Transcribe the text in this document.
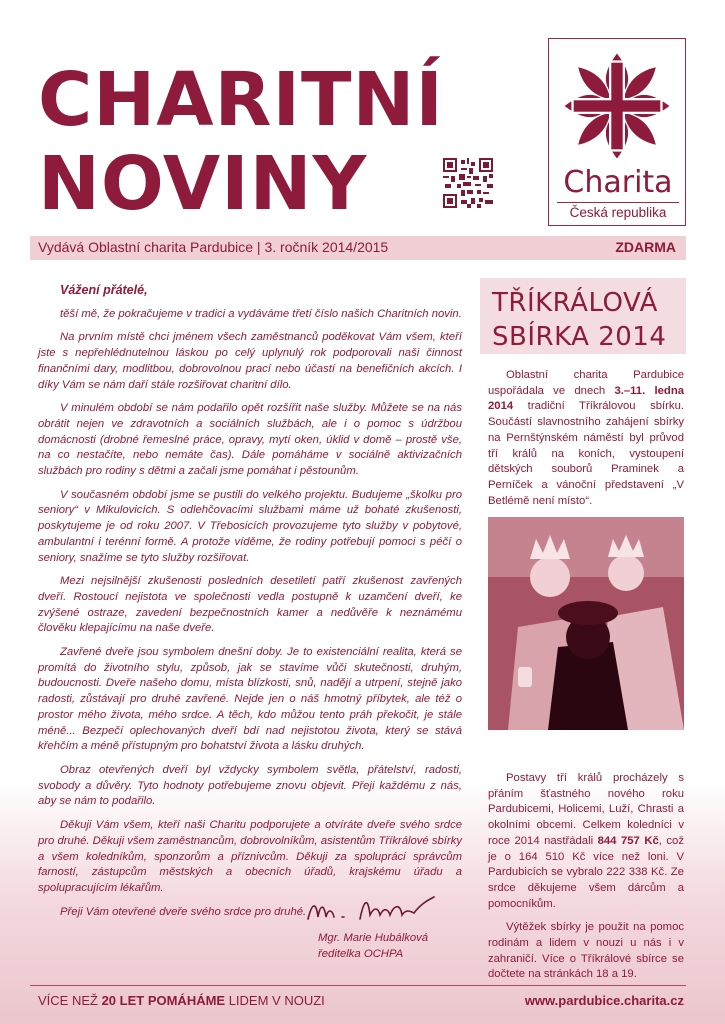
CHARITNÍ
NOVINY	Charita
Česká republika
Vydává Oblastní charita Pardubice | 3. ročník 2014/2015	ZDARMA

Vážení přátelé,

těší mě, že pokračujeme v tradici a vydáváme třetí číslo našich Charitních novin.

Na prvním místě chci jménem všech zaměstnanců poděkovat Vám všem, kteří jste s nepřehlédnutelnou láskou po celý uplynulý rok podporovali naši činnost finančními dary, modlitbou, dobrovolnou prací nebo účastí na benefičních akcích. I díky Vám se nám daří stále rozšiřovat charitní dílo.

V minulém období se nám podařilo opět rozšířit naše služby. Můžete se na nás obrátit nejen ve zdravotních a sociálních službách, ale i o pomoc s údržbou domácnosti (drobné řemeslné práce, opravy, mytí oken, úklid v domě – prostě vše, na co nestačíte, nebo nemáte čas). Dále pomáháme v sociálně aktivizačních službách pro rodiny s dětmi a začali jsme pomáhat i pěstounům.

V současném období jsme se pustili do velkého projektu. Budujeme „školku pro seniory“ v Mikulovicích. S odlehčovacími službami máme už bohaté zkušenosti, poskytujeme je od roku 2007. V Třebosicích provozujeme tyto služby v pobytové, ambulantní i terénní formě. A protože víděme, že rodiny potřebují pomoci s péčí o seniory, snažíme se tyto služby rozšiřovat.

Mezi nejsilnější zkušenosti posledních desetiletí patří zkušenost zavřených dveří. Rostoucí nejistota ve společnosti vedla postupně k uzamčení dveří, ke zvýšené ostraze, zavedení bezpečnostních kamer a nedůvěře k neznámému člověku klepajícímu na naše dveře.

Zavřené dveře jsou symbolem dnešní doby. Je to existenciální realita, která se promítá do životního stylu, způsob, jak se stavíme vůči skutečnosti, druhým, budoucnosti. Dveře našeho domu, místa blízkosti, snů, nadějí a utrpení, stejně jako radosti, zůstávají pro druhé zavřené. Nejde jen o náš hmotný příbytek, ale též o prostor mého života, mého srdce. A těch, kdo můžou tento práh překočit, je stále méně... Bezpečí oplechovaných dveří bdí nad nejistotou života, který se stává křehčím a méně přístupným pro bohatství života a lásku druhých.

Obraz otevřených dveří byl vždycky symbolem světla, přátelství, radosti, svobody a důvěry. Tyto hodnoty potřebujeme znovu objevit. Přeji každému z nás, aby se nám to podařilo.

Děkuji Vám všem, kteří naši Charitu podporujete a otvíráte dveře svého srdce pro druhé. Děkuji všem zaměstnancům, dobrovolníkům, asistentům Tříkrálové sbírky a všem koledníkům, sponzorům a příznivcům. Děkuji za spolupráci správcům farností, zástupcům městských a obecních úřadů, krajskému úřadu a spolupracujícím lékařům.

Přeji Vám otevřené dveře svého srdce pro druhé.

Mgr. Marie Hubálková
ředitelka OCHPA
TŘÍKRÁLOVÁ
SBÍRKA 2014

Oblastní charita Pardubice uspořádala ve dnech 3.–11. ledna 2014 tradiční Tříkrálovou sbírku. Součástí slavnostního zahájení sbírky na Pernštýnském náměstí byl průvod tří králů na koních, vystoupení dětských souborů Praminek a Perníček a vánoční představení „V Betlémě není místo“.

Postavy tří králů procházely s přáním šťastného nového roku Pardubicemi, Holicemi, Luží, Chrasti a okolními obcemi. Celkem koledníci v roce 2014 nastřádali 844 757 Kč, což je o 164 510 Kč více než loni. V Pardubicích se vybralo 222 338 Kč. Ze srdce děkujeme všem dárcům a pomocníkům.

Výtěžek sbírky je použit na pomoc rodinám a lidem v nouzi u nás i v zahraničí. Více o Tříkrálové sbírce se dočtete na stránkách 18 a 19.

VÍCE NEŽ 20 LET POMÁHÁME LIDEM V NOUZI	www.pardubice.charita.cz
